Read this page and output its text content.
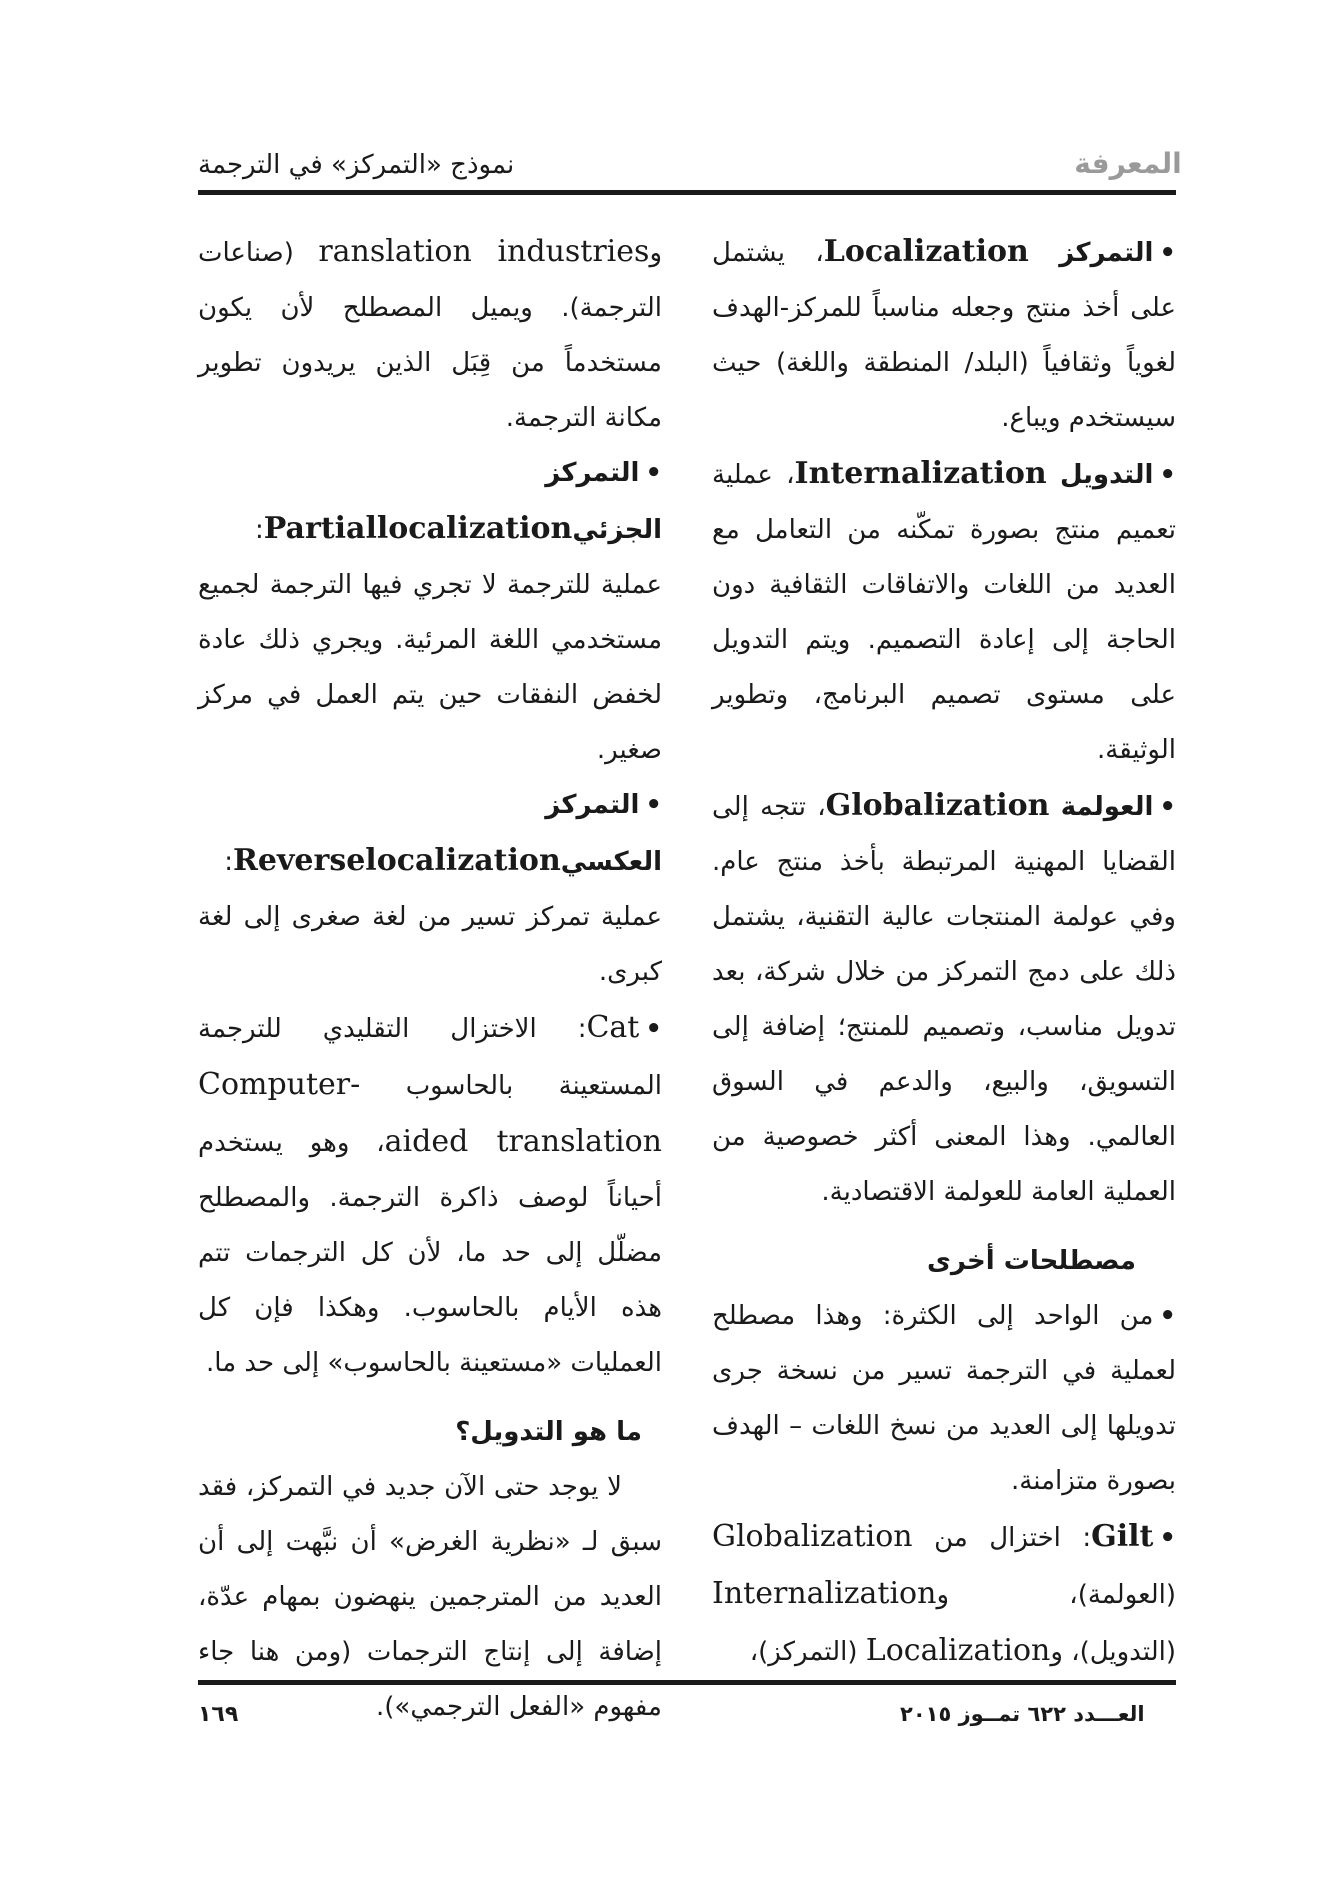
المعرفة
نموذج «التمركز» في الترجمة

•التمركز Localization، يشتمل على أخذ منتج وجعله مناسباً للمركز-الهدف لغوياً وثقافياً (البلد/ المنطقة واللغة) حيث سيستخدم ويباع.

•التدويل Internalization، عملية تعميم منتج بصورة تمكّنه من التعامل مع العديد من اللغات والاتفاقات الثقافية دون الحاجة إلى إعادة التصميم. ويتم التدويل على مستوى تصميم البرنامج، وتطوير الوثيقة.

•العولمة Globalization، تتجه إلى القضايا المهنية المرتبطة بأخذ منتج عام. وفي عولمة المنتجات عالية التقنية، يشتمل ذلك على دمج التمركز من خلال شركة، بعد تدويل مناسب، وتصميم للمنتج؛ إضافة إلى التسويق، والبيع، والدعم في السوق العالمي. وهذا المعنى أكثر خصوصية من العملية العامة للعولمة الاقتصادية.

مصطلحات أخرى

•من الواحد إلى الكثرة: وهذا مصطلح لعملية في الترجمة تسير من نسخة جرى تدويلها إلى العديد من نسخ اللغات – الهدف بصورة متزامنة.

•Gilt: اختزال من Globalization (العولمة)، وInternalization (التدويل)، وLocalization (التمركز)،

وranslation industries (صناعات الترجمة). ويميل المصطلح لأن يكون مستخدماً من قِبَل الذين يريدون تطوير مكانة الترجمة.

•التمركز الجزئيPartiallocalization: عملية للترجمة لا تجري فيها الترجمة لجميع مستخدمي اللغة المرئية. ويجري ذلك عادة لخفض النفقات حين يتم العمل في مركز صغير.

•التمركز العكسيReverselocalization: عملية تمركز تسير من لغة صغرى إلى لغة كبرى.

•Cat: الاختزال التقليدي للترجمة المستعينة بالحاسوب Computer-aided translation، وهو يستخدم أحياناً لوصف ذاكرة الترجمة. والمصطلح مضلّل إلى حد ما، لأن كل الترجمات تتم هذه الأيام بالحاسوب. وهكذا فإن كل العمليات «مستعينة بالحاسوب» إلى حد ما.

ما هو التدويل؟

لا يوجد حتى الآن جديد في التمركز، فقد سبق لـ «نظرية الغرض» أن نبَّهت إلى أن العديد من المترجمين ينهضون بمهام عدّة، إضافة إلى إنتاج الترجمات (ومن هنا جاء مفهوم «الفعل الترجمي»).	العـــدد ٦٢٢ تمــوز ٢٠١٥
١٦٩
